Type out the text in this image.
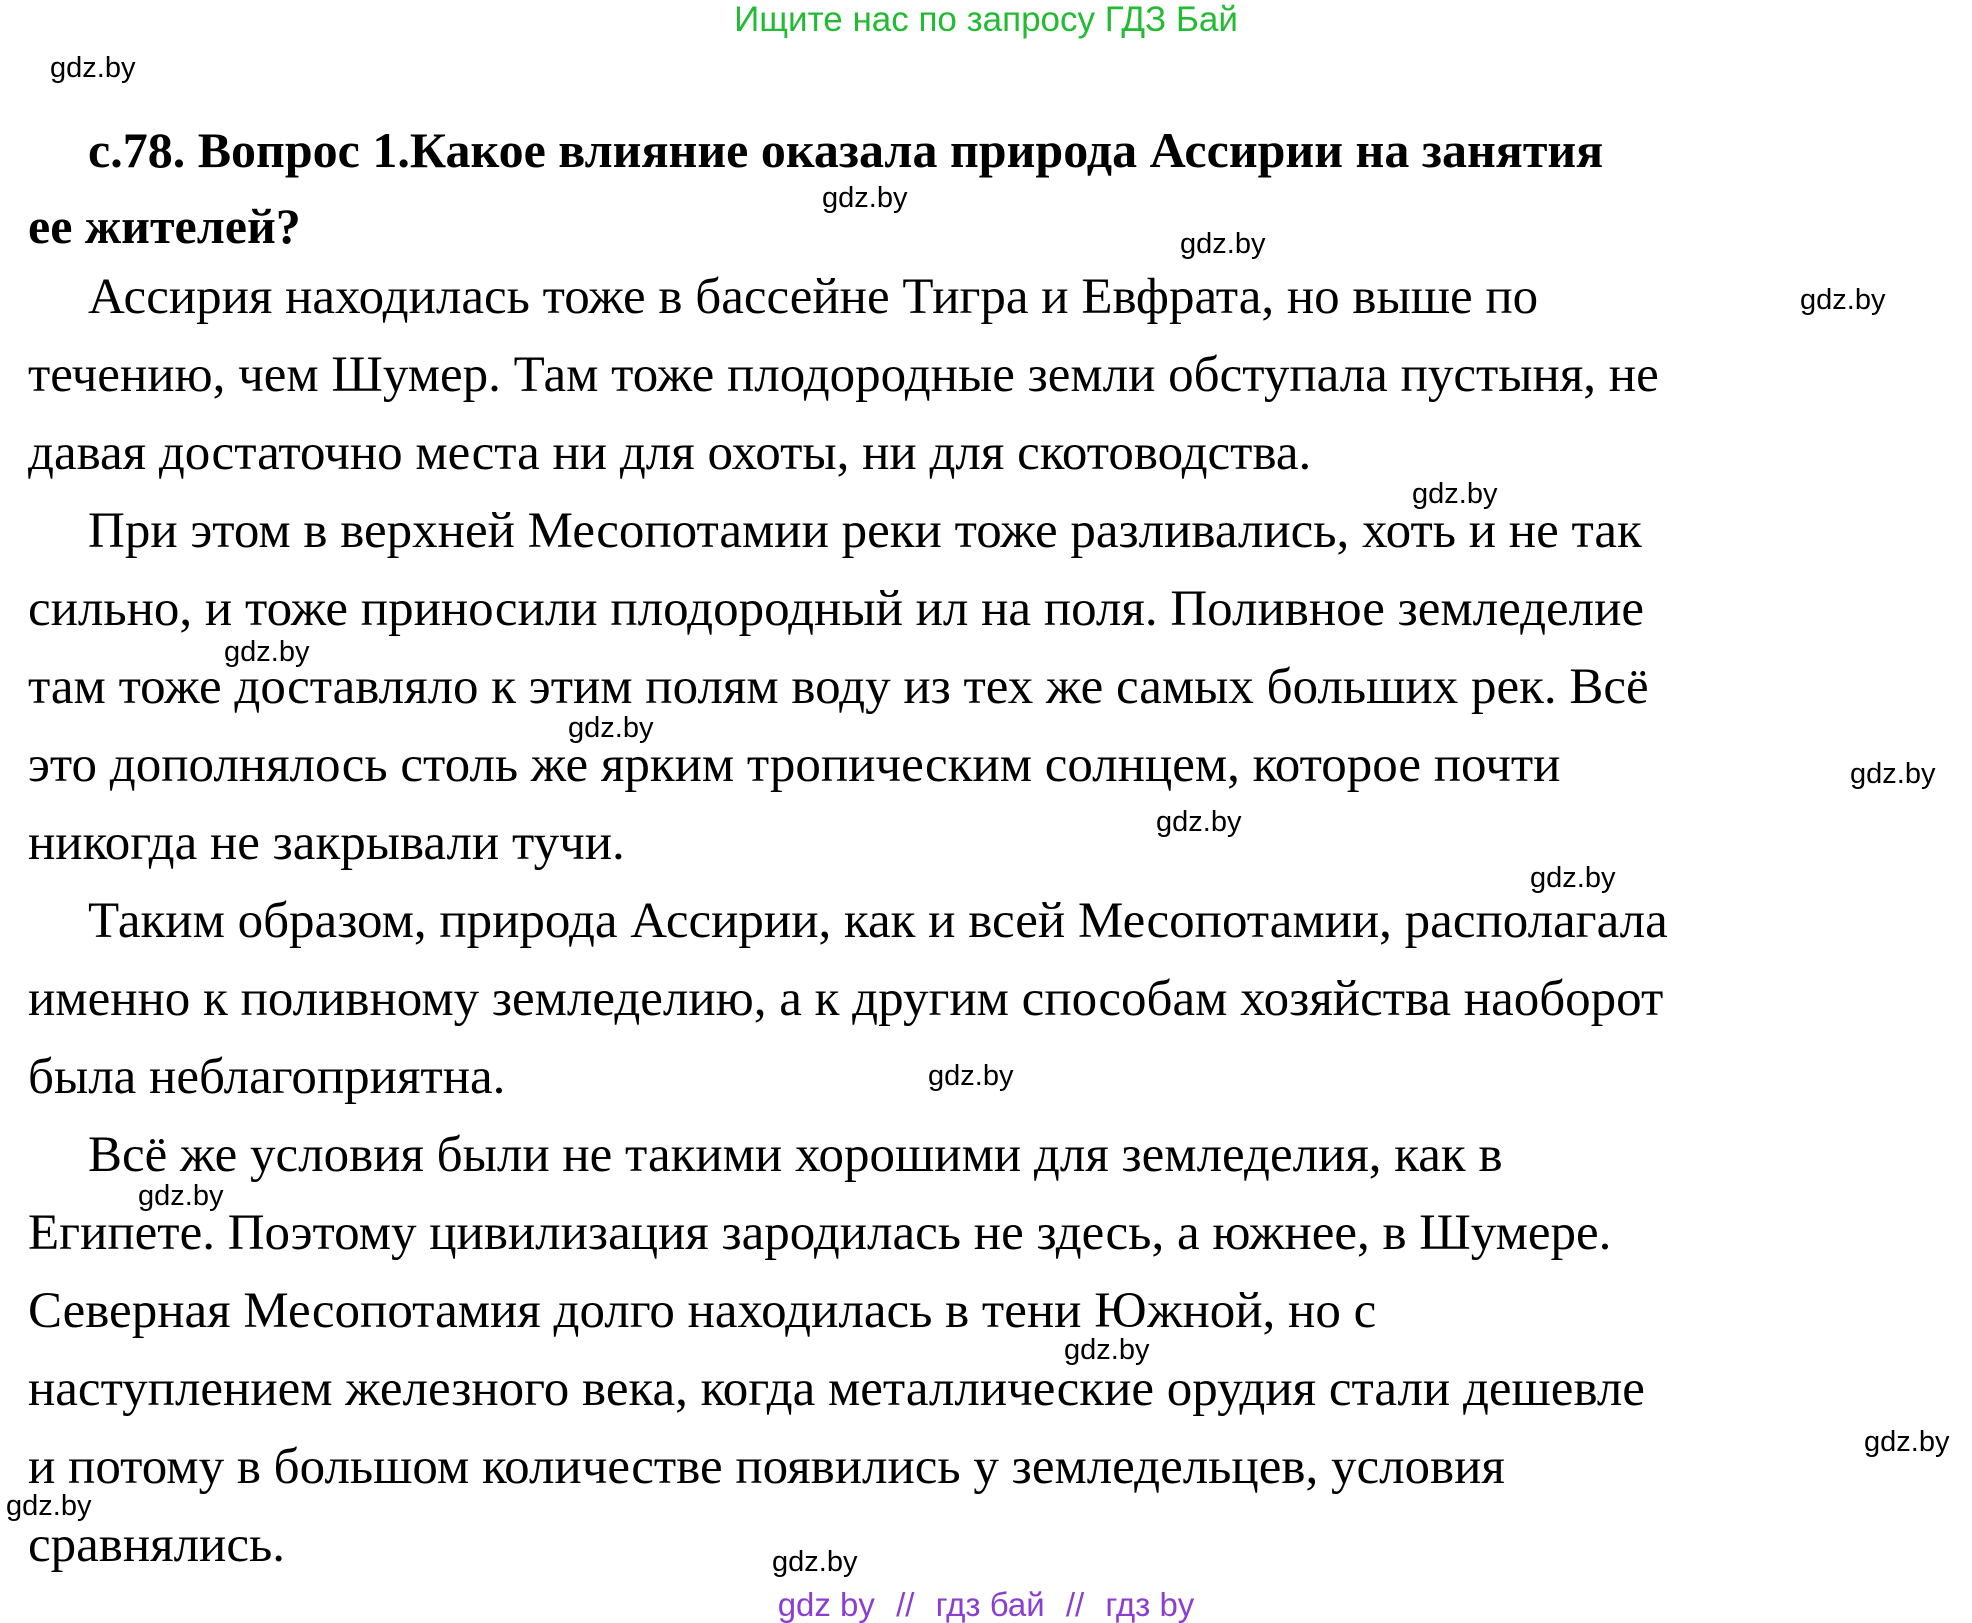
Ищите нас по запросу ГДЗ Бай
gdz.by
gdz.by
gdz.by
gdz.by
gdz.by
gdz.by
gdz.by
gdz.by
gdz.by
gdz.by
gdz.by
gdz.by
gdz.by
gdz.by
gdz.by
gdz.by
с.78. Вопрос 1.Какое влияние оказала природа Ассирии на занятия
ее жителей?
Ассирия находилась тоже в бассейне Тигра и Евфрата, но выше по
течению, чем Шумер. Там тоже плодородные земли обступала пустыня, не
давая достаточно места ни для охоты, ни для скотоводства.
При этом в верхней Месопотамии реки тоже разливались, хоть и не так
сильно, и тоже приносили плодородный ил на поля. Поливное земледелие
там тоже доставляло к этим полям воду из тех же самых больших рек. Всё
это дополнялось столь же ярким тропическим солнцем, которое почти
никогда не закрывали тучи.
Таким образом, природа Ассирии, как и всей Месопотамии, располагала
именно к поливному земледелию, а к другим способам хозяйства наоборот
была неблагоприятна.
Всё же условия были не такими хорошими для земледелия, как в
Египете. Поэтому цивилизация зародилась не здесь, а южнее, в Шумере.
Северная Месопотамия долго находилась в тени Южной, но с
наступлением железного века, когда металлические орудия стали дешевле
и потому в большом количестве появились у земледельцев, условия
сравнялись.
gdz by // гдз бай // гдз by
